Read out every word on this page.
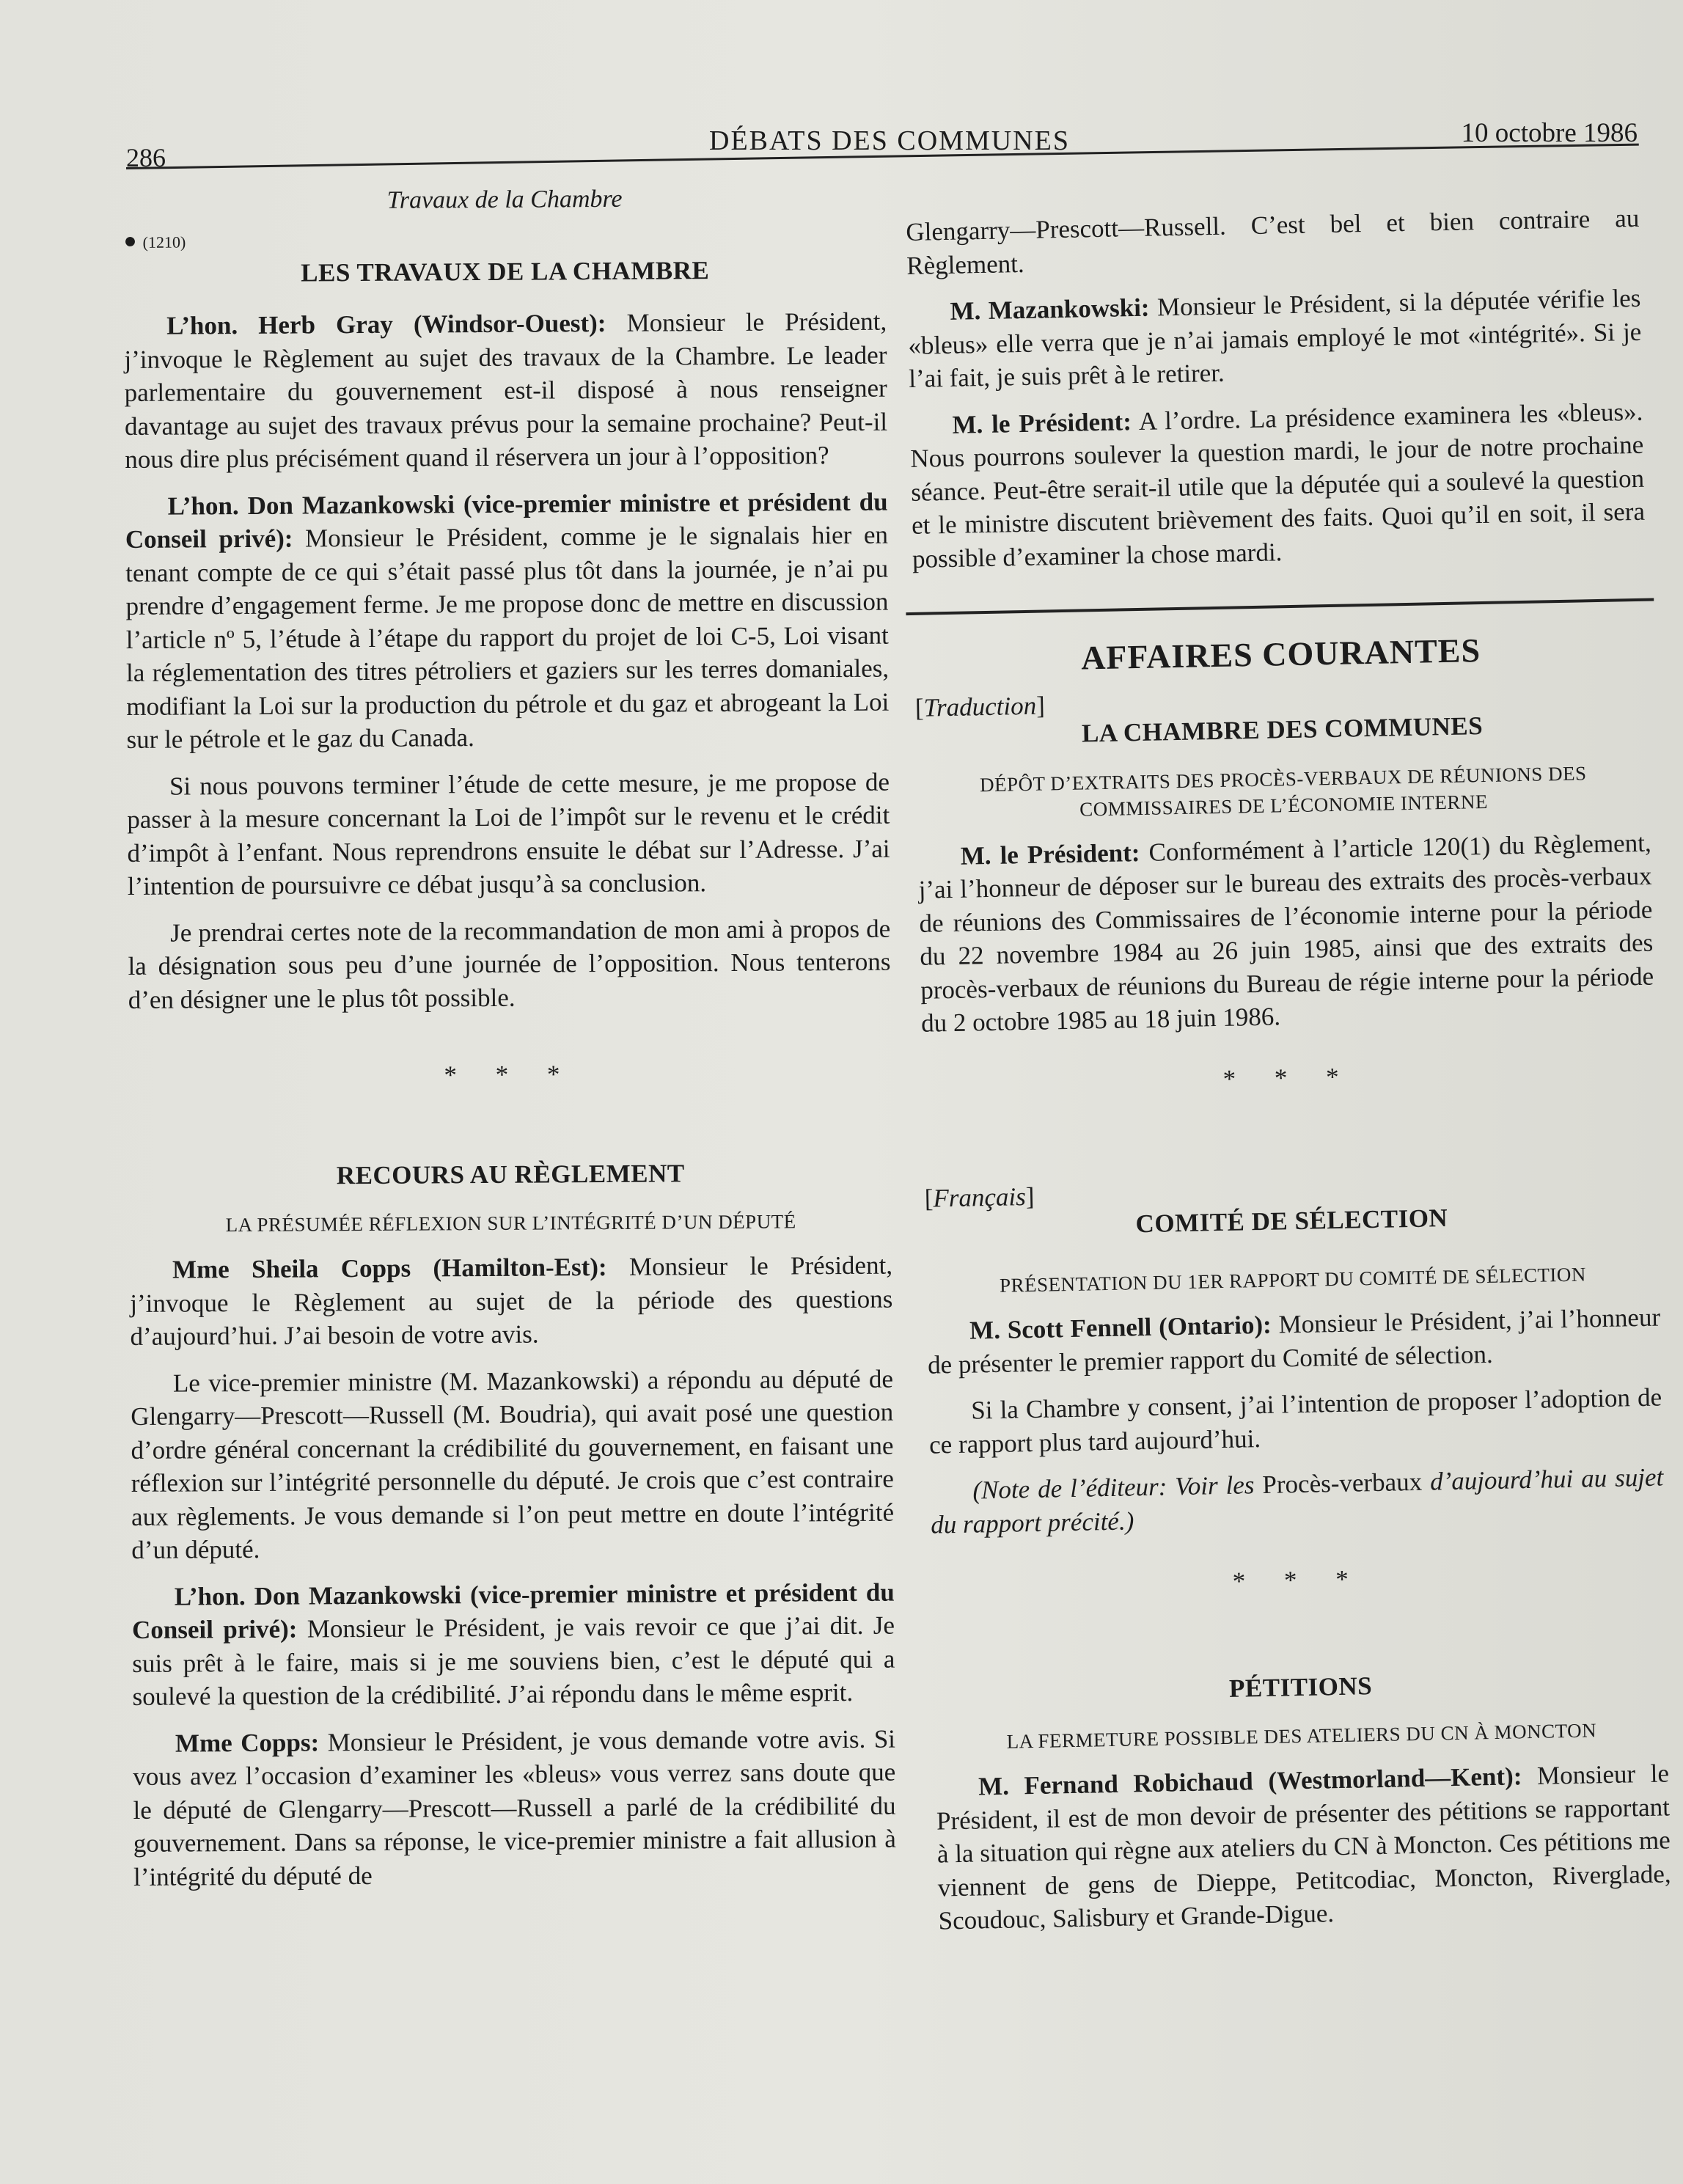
286
DÉBATS DES COMMUNES	10 octobre 1986
Travaux de la Chambre
● (1210)
LES TRAVAUX DE LA CHAMBRE

L’hon. Herb Gray (Windsor-Ouest): Monsieur le Président, j’invoque le Règlement au sujet des travaux de la Chambre. Le leader parlementaire du gouvernement est-il disposé à nous renseigner davantage au sujet des travaux prévus pour la semaine prochaine? Peut-il nous dire plus précisément quand il réservera un jour à l’opposition?

L’hon. Don Mazankowski (vice-premier ministre et président du Conseil privé): Monsieur le Président, comme je le signalais hier en tenant compte de ce qui s’était passé plus tôt dans la journée, je n’ai pu prendre d’engagement ferme. Je me propose donc de mettre en discussion l’article nº 5, l’étude à l’étape du rapport du projet de loi C-5, Loi visant la réglementation des titres pétroliers et gaziers sur les terres domaniales, modifiant la Loi sur la production du pétrole et du gaz et abrogeant la Loi sur le pétrole et le gaz du Canada.

Si nous pouvons terminer l’étude de cette mesure, je me propose de passer à la mesure concernant la Loi de l’impôt sur le revenu et le crédit d’impôt à l’enfant. Nous reprendrons ensuite le débat sur l’Adresse. J’ai l’intention de poursuivre ce débat jusqu’à sa conclusion.

Je prendrai certes note de la recommandation de mon ami à propos de la désignation sous peu d’une journée de l’opposition. Nous tenterons d’en désigner une le plus tôt possible.

* * *
RECOURS AU RÈGLEMENT
LA PRÉSUMÉE RÉFLEXION SUR L’INTÉGRITÉ D’UN DÉPUTÉ

Mme Sheila Copps (Hamilton-Est): Monsieur le Président, j’invoque le Règlement au sujet de la période des questions d’aujourd’hui. J’ai besoin de votre avis.

Le vice-premier ministre (M. Mazankowski) a répondu au député de Glengarry—Prescott—Russell (M. Boudria), qui avait posé une question d’ordre général concernant la crédibilité du gouvernement, en faisant une réflexion sur l’intégrité personnelle du député. Je crois que c’est contraire aux règlements. Je vous demande si l’on peut mettre en doute l’intégrité d’un député.

L’hon. Don Mazankowski (vice-premier ministre et président du Conseil privé): Monsieur le Président, je vais revoir ce que j’ai dit. Je suis prêt à le faire, mais si je me souviens bien, c’est le député qui a soulevé la question de la crédibilité. J’ai répondu dans le même esprit.

Mme Copps: Monsieur le Président, je vous demande votre avis. Si vous avez l’occasion d’examiner les «bleus» vous verrez sans doute que le député de Glengarry—Prescott—Russell a parlé de la crédibilité du gouvernement. Dans sa réponse, le vice-premier ministre a fait allusion à l’intégrité du député de

Glengarry—Prescott—Russell. C’est bel et bien contraire au Règlement.

M. Mazankowski: Monsieur le Président, si la députée vérifie les «bleus» elle verra que je n’ai jamais employé le mot «intégrité». Si je l’ai fait, je suis prêt à le retirer.

M. le Président: A l’ordre. La présidence examinera les «bleus». Nous pourrons soulever la question mardi, le jour de notre prochaine séance. Peut-être serait-il utile que la députée qui a soulevé la question et le ministre discutent brièvement des faits. Quoi qu’il en soit, il sera possible d’examiner la chose mardi.

AFFAIRES COURANTES
[Traduction]
LA CHAMBRE DES COMMUNES
DÉPÔT D’EXTRAITS DES PROCÈS-VERBAUX DE RÉUNIONS DES COMMISSAIRES DE L’ÉCONOMIE INTERNE

M. le Président: Conformément à l’article 120(1) du Règlement, j’ai l’honneur de déposer sur le bureau des extraits des procès-verbaux de réunions des Commissaires de l’économie interne pour la période du 22 novembre 1984 au 26 juin 1985, ainsi que des extraits des procès-verbaux de réunions du Bureau de régie interne pour la période du 2 octobre 1985 au 18 juin 1986.

* * *
[Français]
COMITÉ DE SÉLECTION
PRÉSENTATION DU 1ER RAPPORT DU COMITÉ DE SÉLECTION

M. Scott Fennell (Ontario): Monsieur le Président, j’ai l’honneur de présenter le premier rapport du Comité de sélection.

Si la Chambre y consent, j’ai l’intention de proposer l’adoption de ce rapport plus tard aujourd’hui.

(Note de l’éditeur: Voir les Procès-verbaux d’aujourd’hui au sujet du rapport précité.)

* * *
PÉTITIONS
LA FERMETURE POSSIBLE DES ATELIERS DU CN À MONCTON

M. Fernand Robichaud (Westmorland—Kent): Monsieur le Président, il est de mon devoir de présenter des pétitions se rapportant à la situation qui règne aux ateliers du CN à Moncton. Ces pétitions me viennent de gens de Dieppe, Petitcodiac, Moncton, Riverglade, Scoudouc, Salisbury et Grande-Digue.
